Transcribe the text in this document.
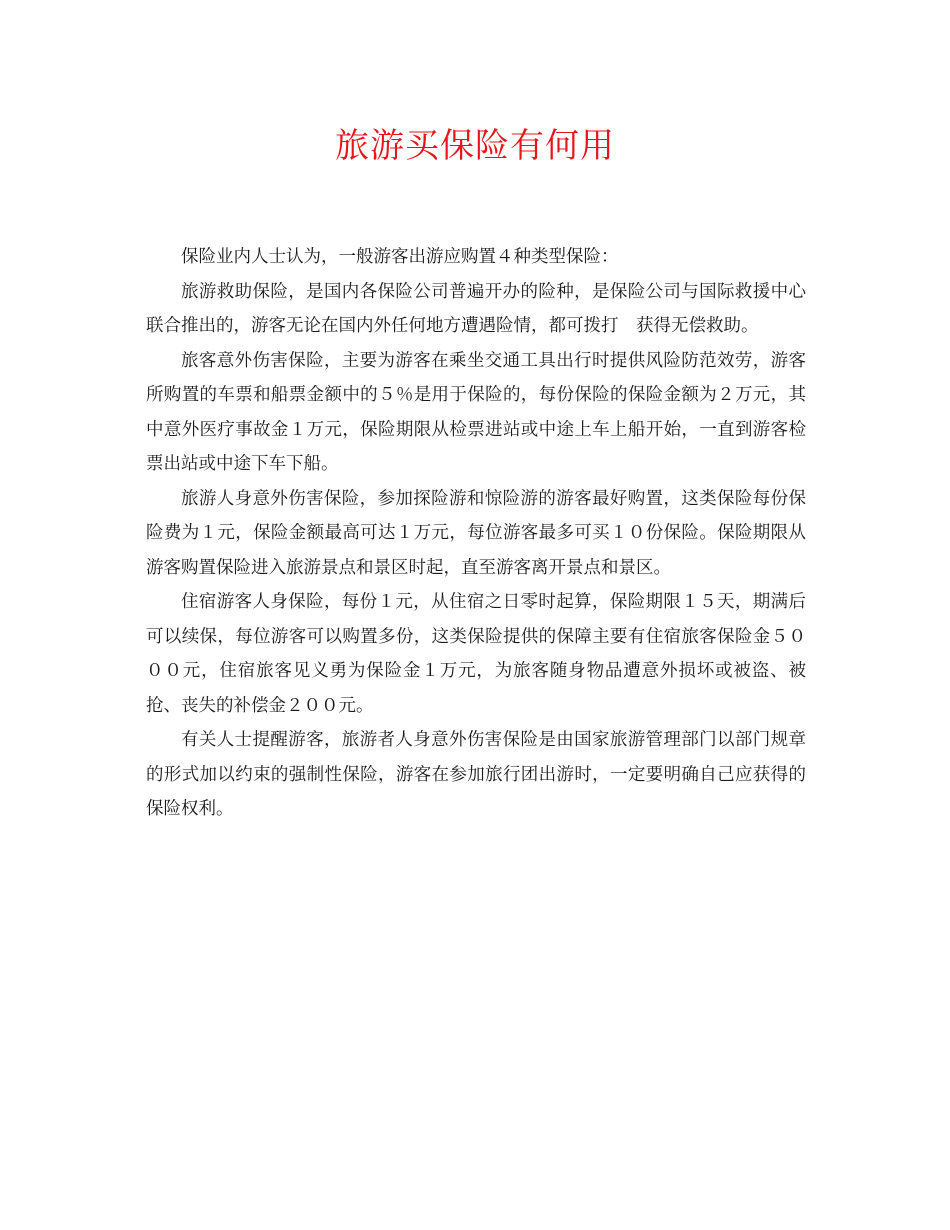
旅游买保险有何用

保险业内人士认为，一般游客出游应购置４种类型保险：

旅游救助保险，是国内各保险公司普遍开办的险种，是保险公司与国际救援中心联合推出的，游客无论在国内外任何地方遭遇险情，都可拨打　获得无偿救助。

旅客意外伤害保险，主要为游客在乘坐交通工具出行时提供风险防范效劳，游客所购置的车票和船票金额中的５％是用于保险的，每份保险的保险金额为２万元，其中意外医疗事故金１万元，保险期限从检票进站或中途上车上船开始，一直到游客检票出站或中途下车下船。

旅游人身意外伤害保险，参加探险游和惊险游的游客最好购置，这类保险每份保险费为１元，保险金额最高可达１万元，每位游客最多可买１０份保险。保险期限从游客购置保险进入旅游景点和景区时起，直至游客离开景点和景区。

住宿游客人身保险，每份１元，从住宿之日零时起算，保险期限１５天，期满后可以续保，每位游客可以购置多份，这类保险提供的保障主要有住宿旅客保险金５０００元，住宿旅客见义勇为保险金１万元，为旅客随身物品遭意外损坏或被盗、被抢、丧失的补偿金２００元。

有关人士提醒游客，旅游者人身意外伤害保险是由国家旅游管理部门以部门规章的形式加以约束的强制性保险，游客在参加旅行团出游时，一定要明确自己应获得的保险权利。
